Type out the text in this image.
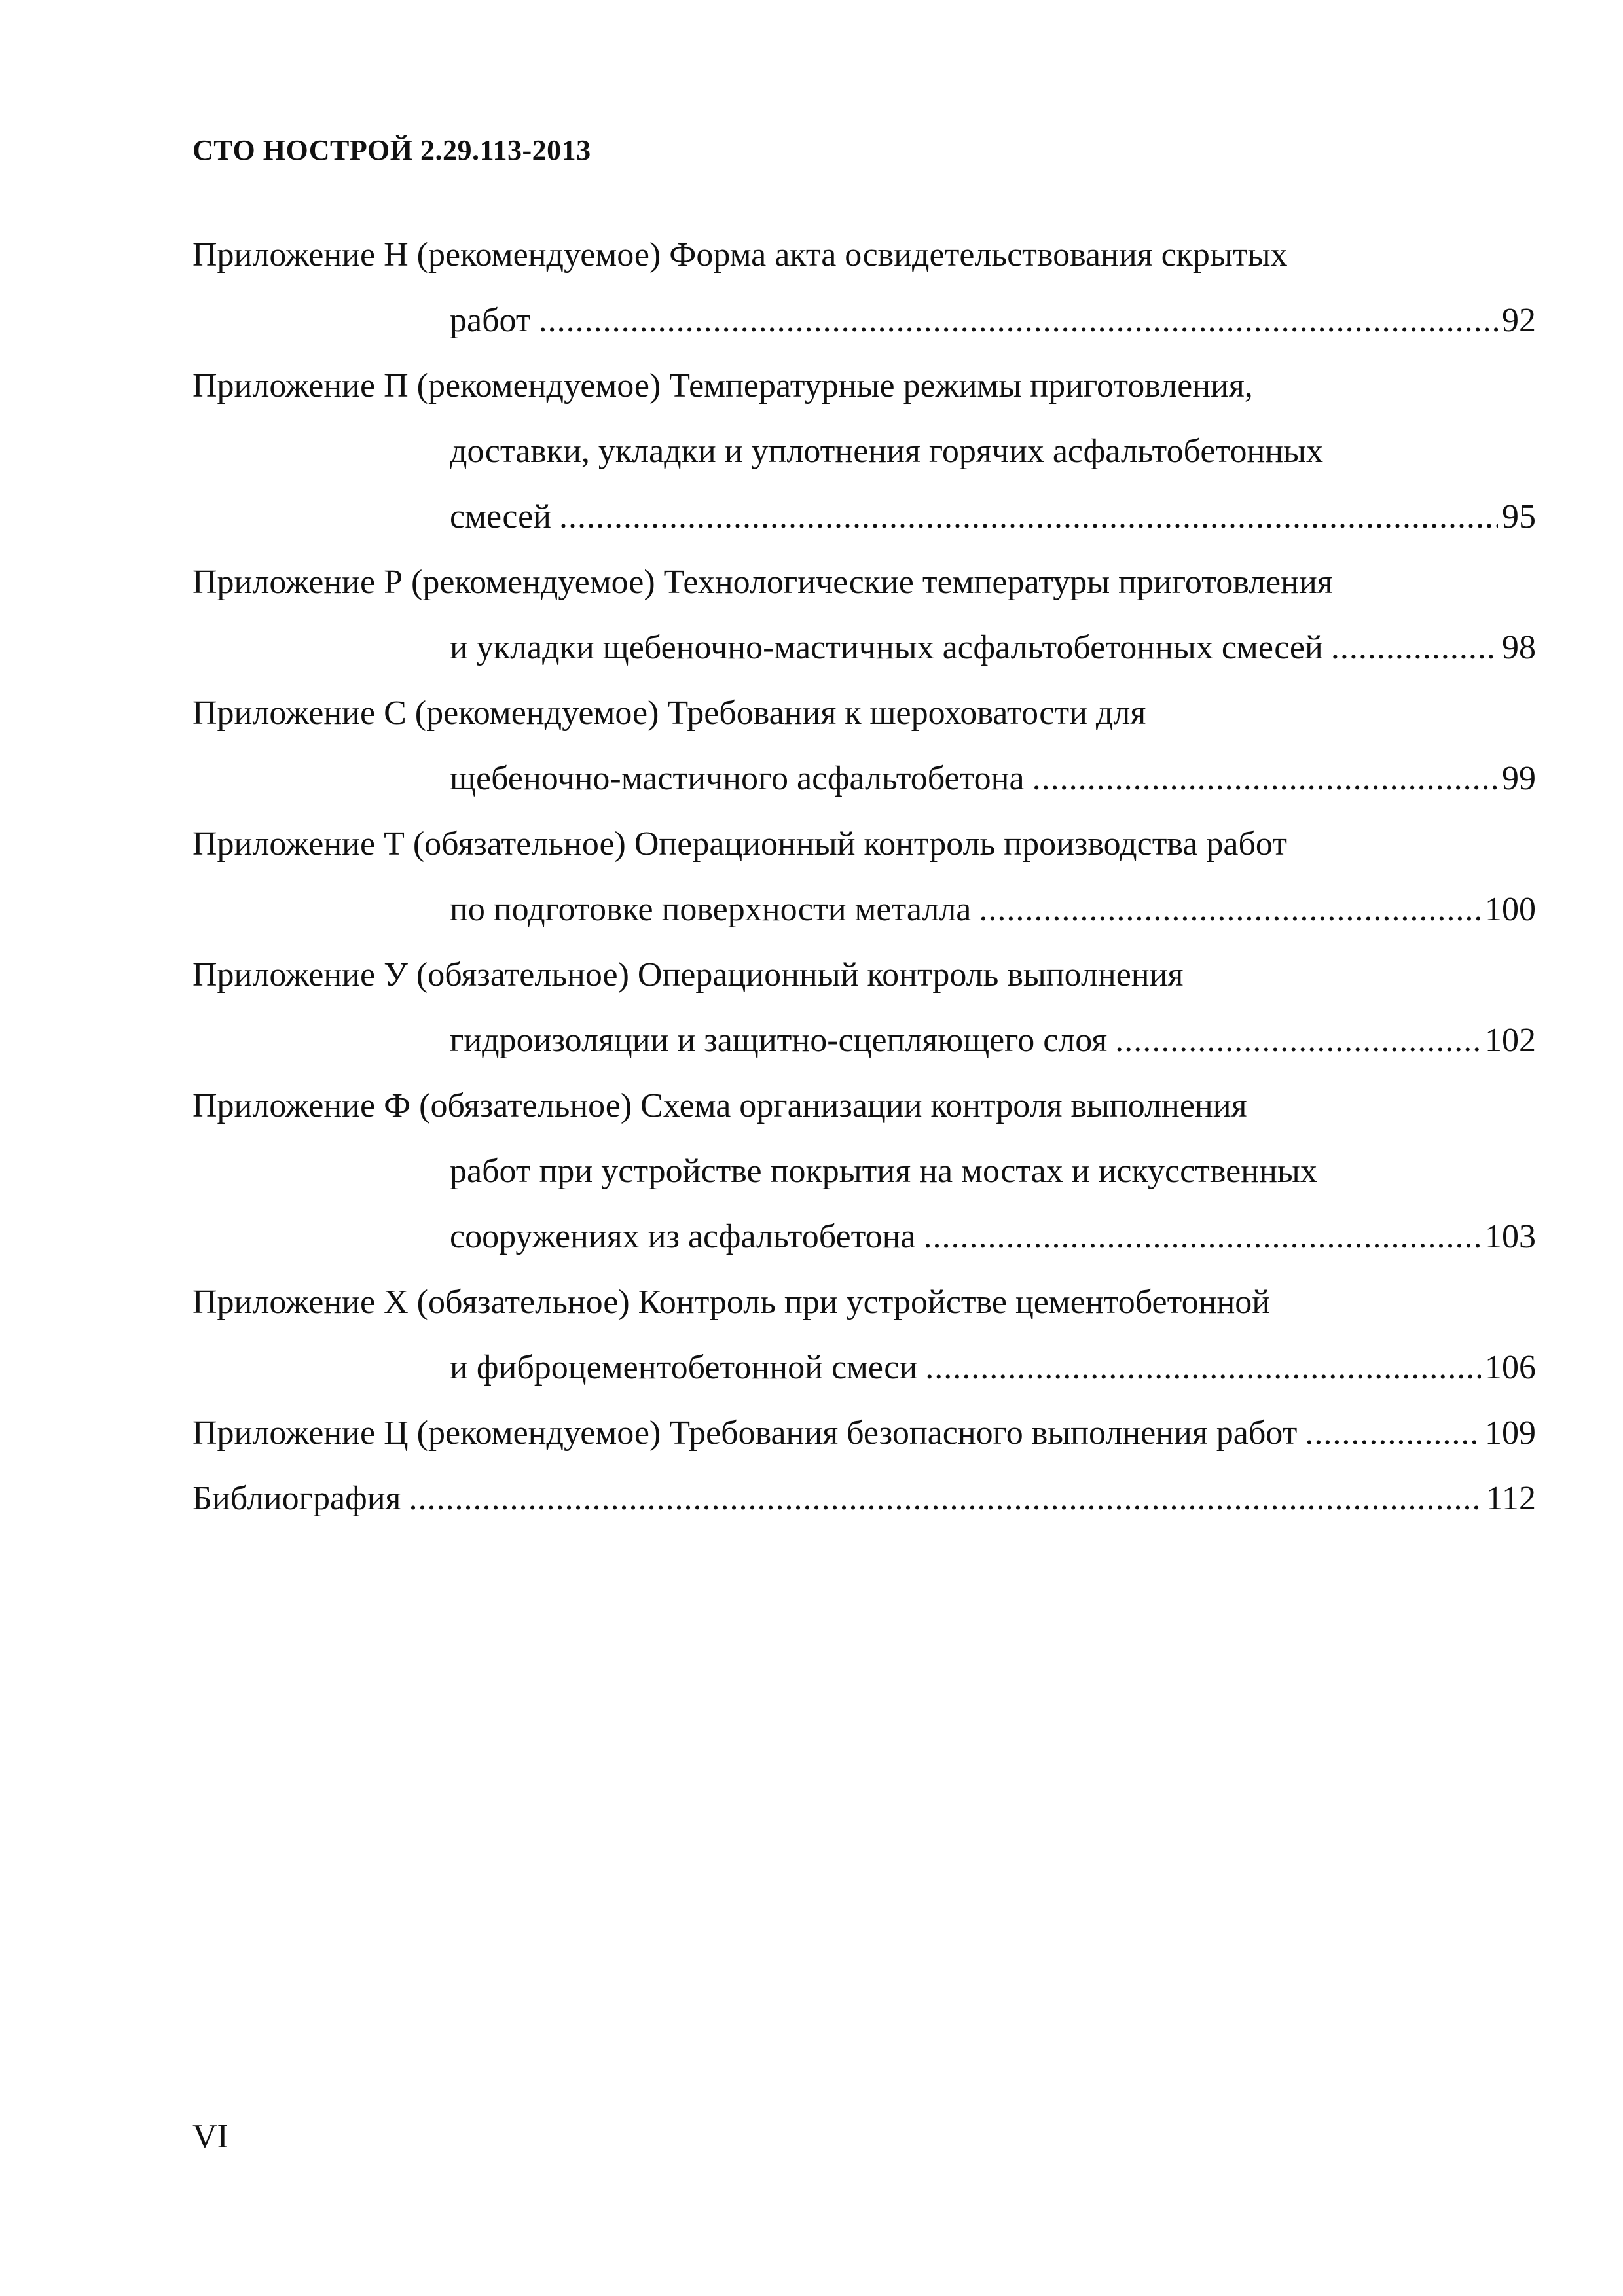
СТО НОСТРОЙ 2.29.113-2013
Приложение Н (рекомендуемое) Форма акта освидетельствования скрытых
работ .....	92
Приложение П (рекомендуемое) Температурные режимы приготовления,
доставки, укладки и уплотнения горячих асфальтобетонных
смесей .....	95
Приложение Р (рекомендуемое) Технологические температуры приготовления
и укладки щебеночно-мастичных асфальтобетонных смесей .....	98
Приложение С (рекомендуемое) Требования к шероховатости для
щебеночно-мастичного асфальтобетона .....	99
Приложение Т (обязательное) Операционный контроль производства работ
по подготовке поверхности металла .....	100
Приложение У (обязательное) Операционный контроль выполнения
гидроизоляции и защитно-сцепляющего слоя .....	102
Приложение Ф (обязательное) Схема организации контроля выполнения
работ при устройстве покрытия на мостах и искусственных
сооружениях из асфальтобетона .....	103
Приложение Х (обязательное) Контроль при устройстве цементобетонной
и фиброцементобетонной смеси .....	106
Приложение Ц (рекомендуемое) Требования безопасного выполнения работ .....	109
Библиография .....	112
VI
